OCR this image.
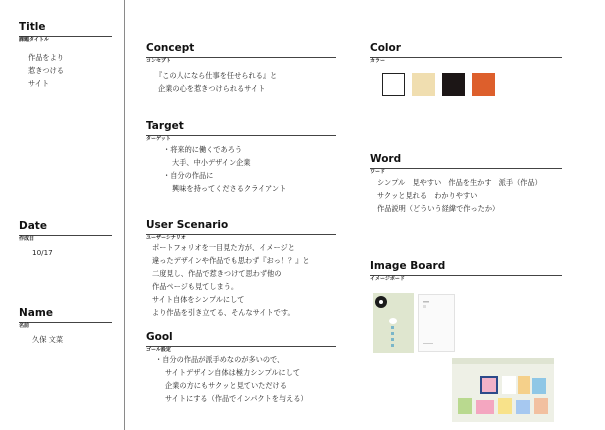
Title
課題タイトル
作品をより
惹きつける
サイト
Date
作成日
10/17
Name
名前
久保 文菜
Concept
コンセプト
『この人になら仕事を任せられる』と
企業の心を惹きつけられるサイト
Target
ターゲット
・将来的に働くであろう
大手、中小デザイン企業
・自分の作品に
興味を持ってくださるクライアント
User Scenario
ユーザーシナリオ
ポートフォリオを一目見た方が、イメージと
違ったデザインや作品でも思わず『おっ！？』と
二度見し、作品で惹きつけて思わず他の
作品ページも見てしまう。
サイト自体をシンプルにして
より作品を引き立てる、そんなサイトです。
Gool
ゴール設定
・自分の作品が派手めなのが多いので、
サイトデザイン自体は極力シンプルにして
企業の方にもサクッと見ていただける
サイトにする（作品でインパクトを与える）
Color
カラー
Word
ワード
シンプル　見やすい　作品を生かす　派手（作品）
サクッと見れる　わかりやすい
作品説明（どういう経緯で作ったか）
Image Board
イメージボード
